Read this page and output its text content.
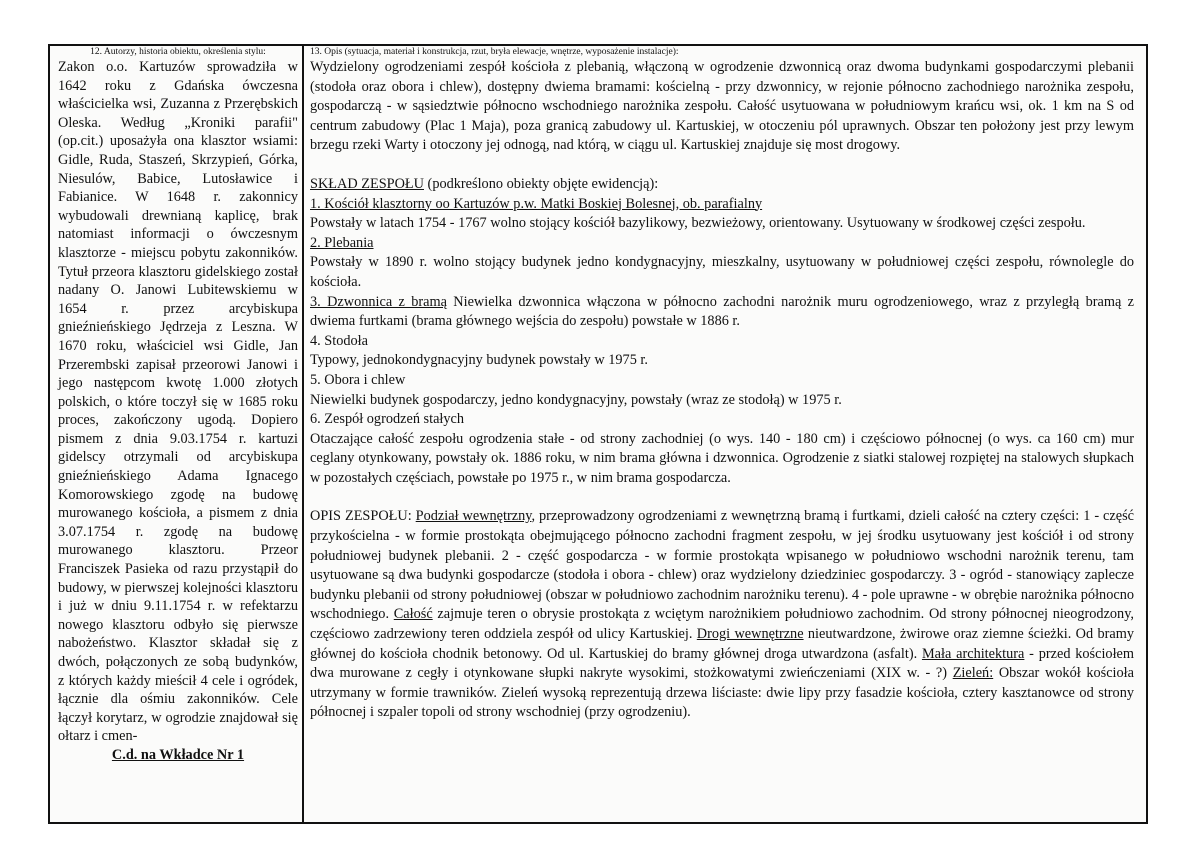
12. Autorzy, historia obiektu, określenia stylu:

Zakon o.o. Kartuzów sprowadziła w 1642 roku z Gdańska ówczesna właścicielka wsi, Zuzanna z Przerębskich Oleska. Według „Kroniki parafii" (op.cit.) uposażyła ona klasztor wsiami: Gidle, Ruda, Staszeń, Skrzypień, Górka, Niesulów, Babice, Lutosławice i Fabianice. W 1648 r. zakonnicy wybudowali drewnianą kaplicę, brak natomiast informacji o ówczesnym klasztorze - miejscu pobytu zakonników. Tytuł przeora klasztoru gidelskiego został nadany O. Janowi Lubitewskiemu w 1654 r. przez arcybiskupa gnieźnieńskiego Jędrzeja z Leszna. W 1670 roku, właściciel wsi Gidle, Jan Przerembski zapisał przeorowi Janowi i jego następcom kwotę 1.000 złotych polskich, o które toczył się w 1685 roku proces, zakończony ugodą. Dopiero pismem z dnia 9.03.1754 r. kartuzi gidelscy otrzymali od arcybiskupa gnieźnieńskiego Adama Ignacego Komorowskiego zgodę na budowę murowanego kościoła, a pismem z dnia 3.07.1754 r. zgodę na budowę murowanego klasztoru. Przeor Franciszek Pasieka od razu przystąpił do budowy, w pierwszej kolejności klasztoru i już w dniu 9.11.1754 r. w refektarzu nowego klasztoru odbyło się pierwsze nabożeństwo. Klasztor składał się z dwóch, połączonych ze sobą budynków, z których każdy mieścił 4 cele i ogródek, łącznie dla ośmiu zakonników. Cele łączył korytarz, w ogrodzie znajdował się ołtarz i cmen-

C.d. na Wkładce Nr 1
13. Opis (sytuacja, materiał i konstrukcja, rzut, bryła elewacje, wnętrze, wyposażenie instalacje):

Wydzielony ogrodzeniami zespół kościoła z plebanią, włączoną w ogrodzenie dzwonnicą oraz dwoma budynkami gospodarczymi plebanii (stodoła oraz obora i chlew), dostępny dwiema bramami: kościelną - przy dzwonnicy, w rejonie północno zachodniego narożnika zespołu, gospodarczą - w sąsiedztwie północno wschodniego narożnika zespołu. Całość usytuowana w południowym krańcu wsi, ok. 1 km na S od centrum zabudowy (Plac 1 Maja), poza granicą zabudowy ul. Kartuskiej, w otoczeniu pól uprawnych. Obszar ten położony jest przy lewym brzegu rzeki Warty i otoczony jej odnogą, nad którą, w ciągu ul. Kartuskiej znajduje się most drogowy.

SKŁAD ZESPOŁU (podkreślono obiekty objęte ewidencją):

1. Kościół klasztorny oo Kartuzów p.w. Matki Boskiej Bolesnej, ob. parafialny

Powstały w latach 1754 - 1767 wolno stojący kościół bazylikowy, bezwieżowy, orientowany. Usytuowany w środkowej części zespołu.

2. Plebania

Powstały w 1890 r. wolno stojący budynek jedno kondygnacyjny, mieszkalny, usytuowany w południowej części zespołu, równolegle do kościoła.

3. Dzwonnica z bramą Niewielka dzwonnica włączona w północno zachodni narożnik muru ogrodzeniowego, wraz z przyległą bramą z dwiema furtkami (brama głównego wejścia do zespołu) powstałe w 1886 r.

4. Stodoła

Typowy, jednokondygnacyjny budynek powstały w 1975 r.

5. Obora i chlew

Niewielki budynek gospodarczy, jedno kondygnacyjny, powstały (wraz ze stodołą) w 1975 r.

6. Zespół ogrodzeń stałych

Otaczające całość zespołu ogrodzenia stałe - od strony zachodniej (o wys. 140 - 180 cm) i częściowo północnej (o wys. ca 160 cm) mur ceglany otynkowany, powstały ok. 1886 roku, w nim brama główna i dzwonnica. Ogrodzenie z siatki stalowej rozpiętej na stalowych słupkach w pozostałych częściach, powstałe po 1975 r., w nim brama gospodarcza.

OPIS ZESPOŁU: Podział wewnętrzny, przeprowadzony ogrodzeniami z wewnętrzną bramą i furtkami, dzieli całość na cztery części: 1 - część przykościelna - w formie prostokąta obejmującego północno zachodni fragment zespołu, w jej środku usytuowany jest kościół i od strony południowej budynek plebanii. 2 - część gospodarcza - w formie prostokąta wpisanego w południowo wschodni narożnik terenu, tam usytuowane są dwa budynki gospodarcze (stodoła i obora - chlew) oraz wydzielony dziedziniec gospodarczy. 3 - ogród - stanowiący zaplecze budynku plebanii od strony południowej (obszar w południowo zachodnim narożniku terenu). 4 - pole uprawne - w obrębie narożnika północno wschodniego. Całość zajmuje teren o obrysie prostokąta z wciętym narożnikiem południowo zachodnim. Od strony północnej nieogrodzony, częściowo zadrzewiony teren oddziela zespół od ulicy Kartuskiej. Drogi wewnętrzne nieutwardzone, żwirowe oraz ziemne ścieżki. Od bramy głównej do kościoła chodnik betonowy. Od ul. Kartuskiej do bramy głównej droga utwardzona (asfalt). Mała architektura - przed kościołem dwa murowane z cegły i otynkowane słupki nakryte wysokimi, stożkowatymi zwieńczeniami (XIX w. - ?) Zieleń: Obszar wokół kościoła utrzymany w formie trawników. Zieleń wysoką reprezentują drzewa liściaste: dwie lipy przy fasadzie kościoła, cztery kasztanowce od strony północnej i szpaler topoli od strony wschodniej (przy ogrodzeniu).
